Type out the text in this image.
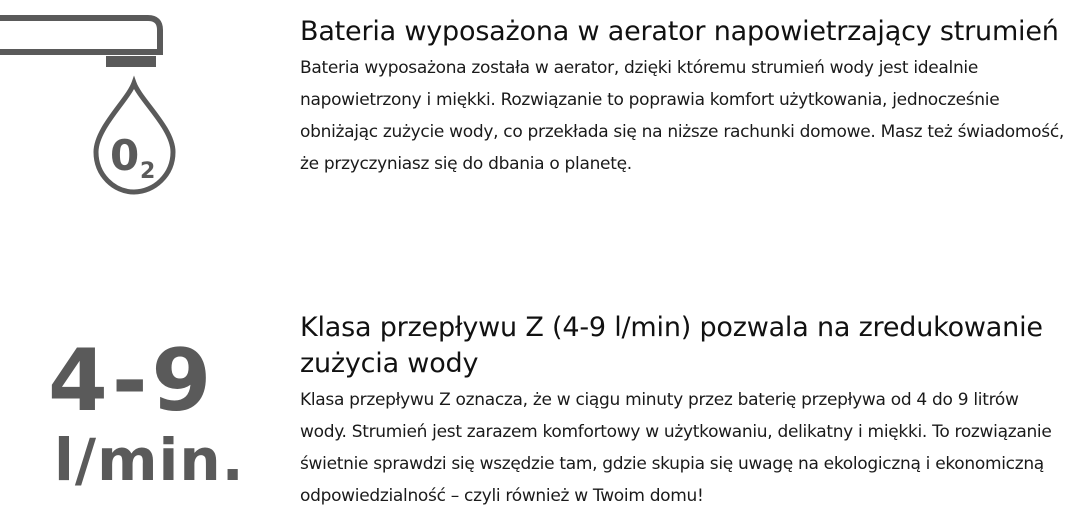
0 2
Bateria wyposażona w aerator napowietrzający strumień

Bateria wyposażona została w aerator, dzięki któremu strumień wody jest idealnie napowietrzony i miękki. Rozwiązanie to poprawia komfort użytkowania, jednocześnie obniżając zużycie wody, co przekłada się na niższe rachunki domowe. Masz też świadomość, że przyczyniasz się do dbania o planetę.

4-9
l/min.
Klasa przepływu Z (4-9 l/min) pozwala na zredukowanie zużycia wody

Klasa przepływu Z oznacza, że w ciągu minuty przez baterię przepływa od 4 do 9 litrów wody. Strumień jest zarazem komfortowy w użytkowaniu, delikatny i miękki. To rozwiązanie świetnie sprawdzi się wszędzie tam, gdzie skupia się uwagę na ekologiczną i ekonomiczną odpowiedzialność – czyli również w Twoim domu!
